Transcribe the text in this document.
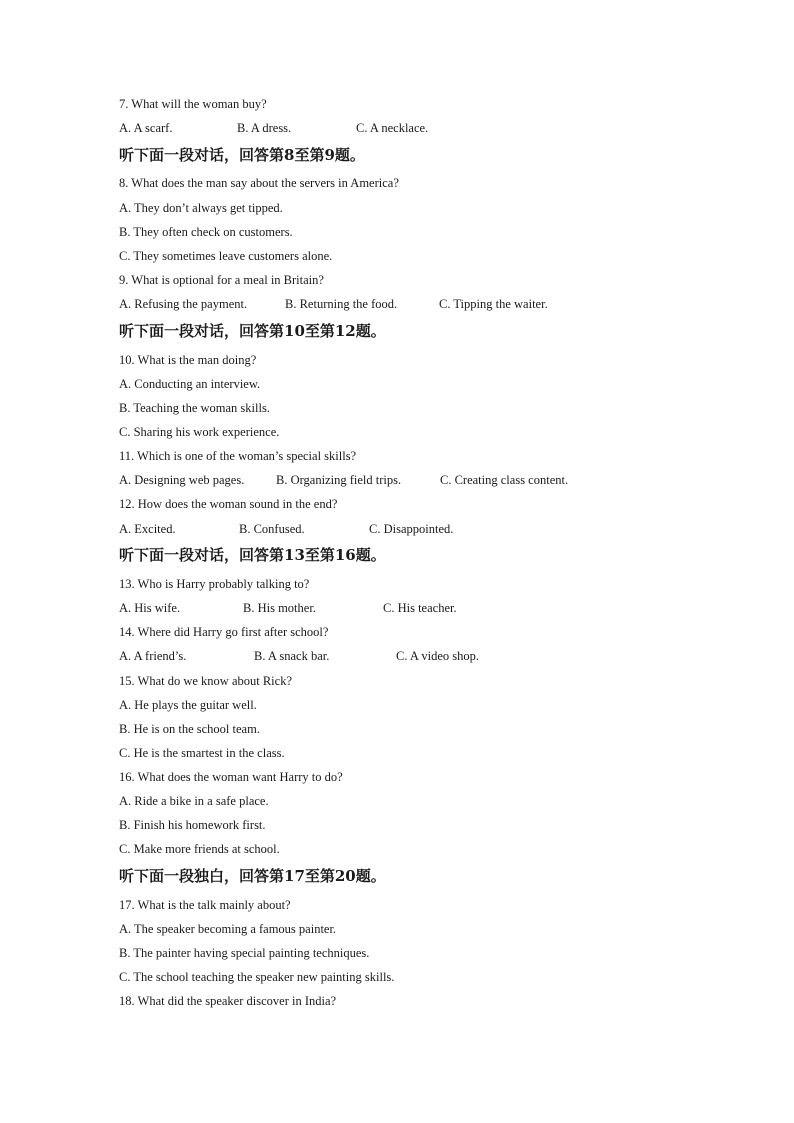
7. What will the woman buy?
A. A scarf.	B. A dress.	C. A necklace.
听下面一段对话，回答第8至第9题。
8. What does the man say about the servers in America?
A. They don’t always get tipped.
B. They often check on customers.
C. They sometimes leave customers alone.
9. What is optional for a meal in Britain?
A. Refusing the payment.	B. Returning the food.	C. Tipping the waiter.
听下面一段对话，回答第10至第12题。
10. What is the man doing?
A. Conducting an interview.
B. Teaching the woman skills.
C. Sharing his work experience.
11. Which is one of the woman’s special skills?
A. Designing web pages.	B. Organizing field trips.	C. Creating class content.
12. How does the woman sound in the end?
A. Excited.	B. Confused.	C. Disappointed.
听下面一段对话，回答第13至第16题。
13. Who is Harry probably talking to?
A. His wife.	B. His mother.	C. His teacher.
14. Where did Harry go first after school?
A. A friend’s.	B. A snack bar.	C. A video shop.
15. What do we know about Rick?
A. He plays the guitar well.
B. He is on the school team.
C. He is the smartest in the class.
16. What does the woman want Harry to do?
A. Ride a bike in a safe place.
B. Finish his homework first.
C. Make more friends at school.
听下面一段独白，回答第17至第20题。
17. What is the talk mainly about?
A. The speaker becoming a famous painter.
B. The painter having special painting techniques.
C. The school teaching the speaker new painting skills.
18. What did the speaker discover in India?
